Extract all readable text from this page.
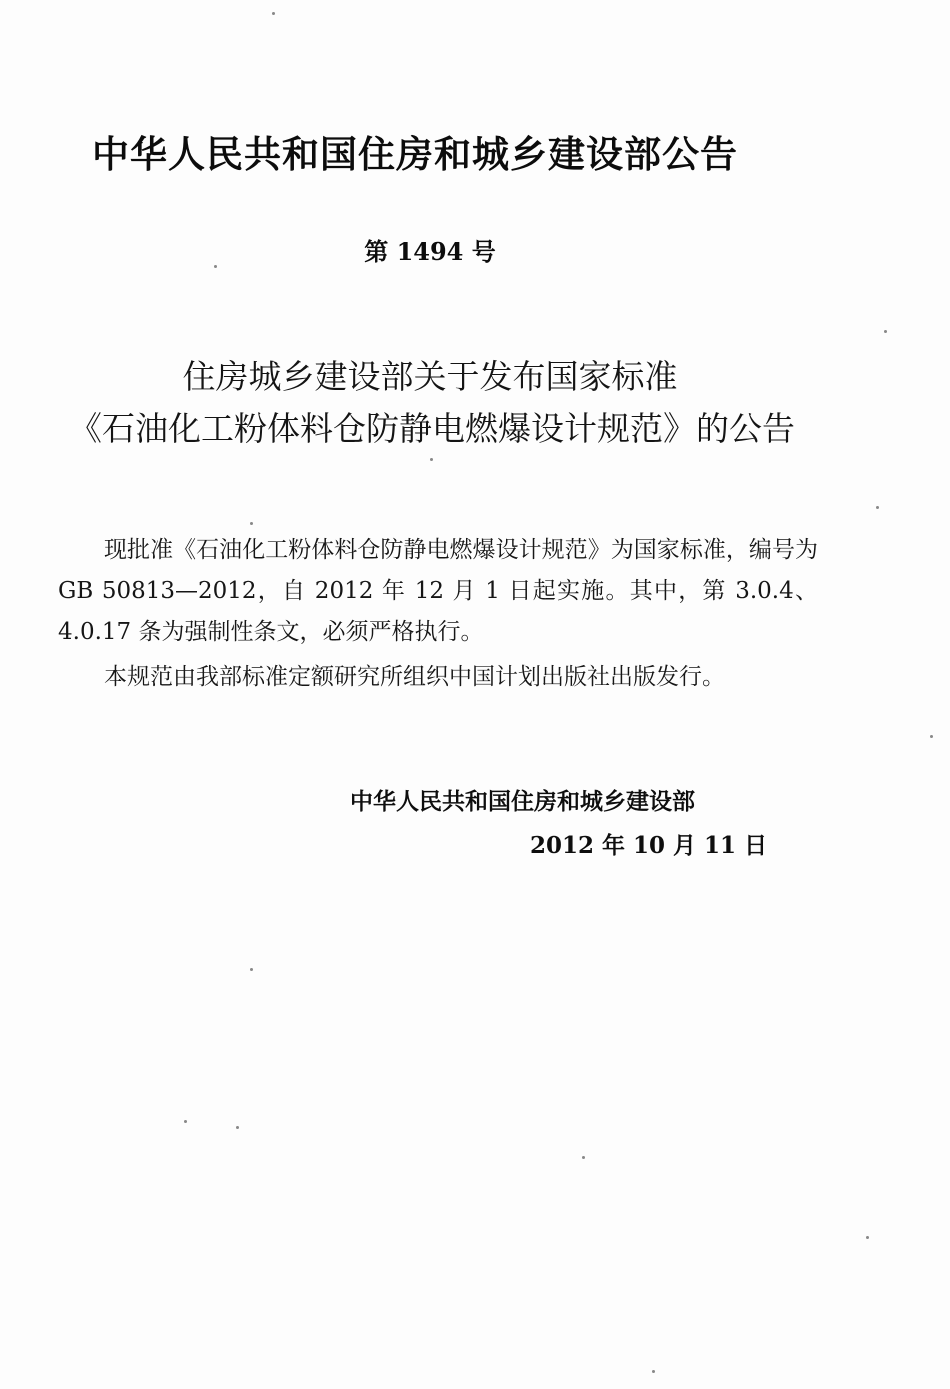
中华人民共和国住房和城乡建设部公告
第 1494 号
住房城乡建设部关于发布国家标准
《石油化工粉体料仓防静电燃爆设计规范》的公告
现批准《石油化工粉体料仓防静电燃爆设计规范》为国家标准，编号为GB 50813—2012，自 2012 年 12 月 1 日起实施。其中，第 3.0.4、4.0.17 条为强制性条文，必须严格执行。
本规范由我部标准定额研究所组织中国计划出版社出版发行。
中华人民共和国住房和城乡建设部
2012 年 10 月 11 日
